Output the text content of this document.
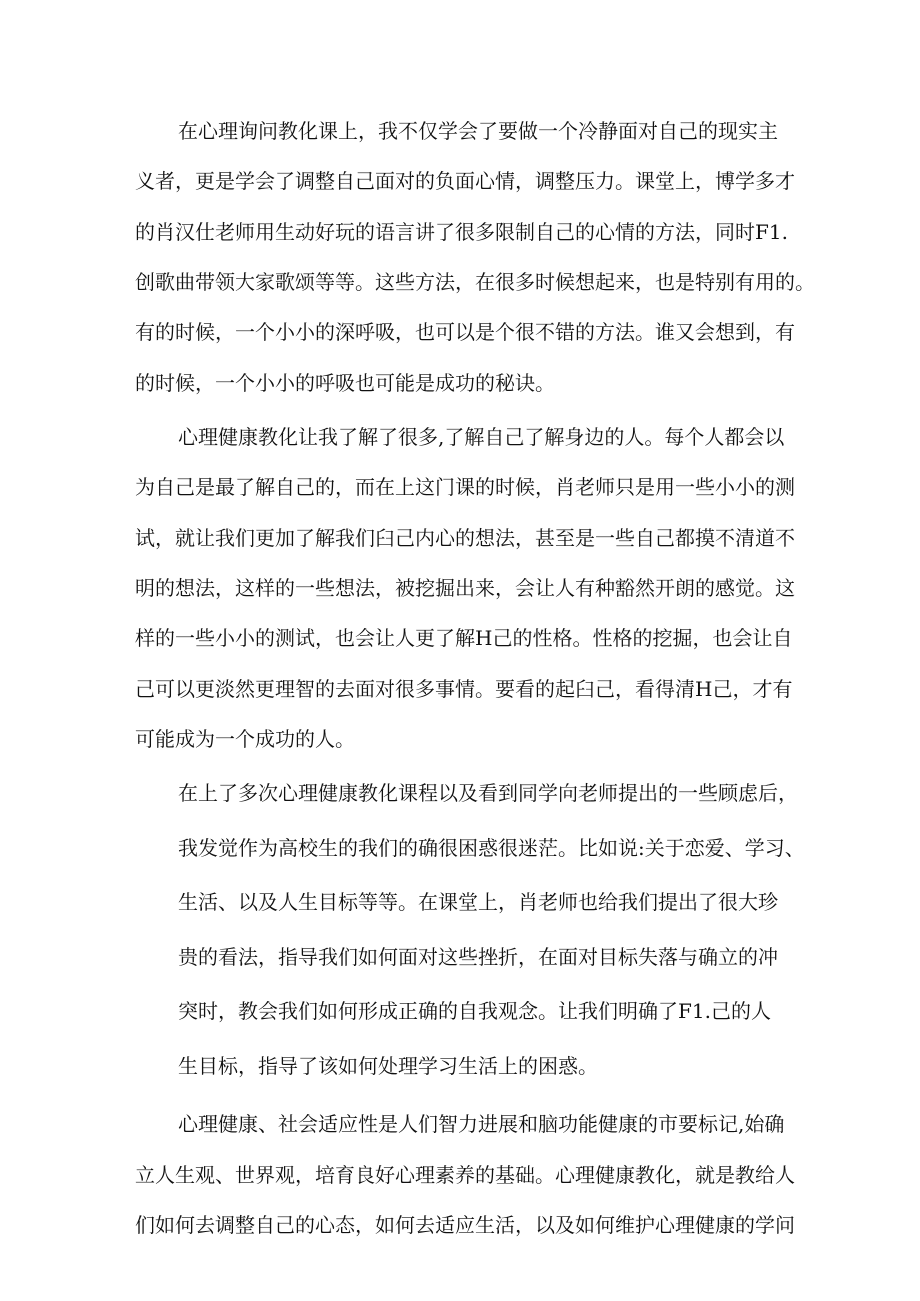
在心理询问教化课上，我不仅学会了要做一个冷静面对自己的现实主
义者，更是学会了调整自己面对的负面心情，调整压力。课堂上，博学多才
的肖汉仕老师用生动好玩的语言讲了很多限制自己的心情的方法，同时F1.
创歌曲带领大家歌颂等等。这些方法，在很多时候想起来，也是特别有用的。
有的时候，一个小小的深呼吸，也可以是个很不错的方法。谁又会想到，有
的时候，一个小小的呼吸也可能是成功的秘诀。
心理健康教化让我了解了很多,了解自己了解身边的人。每个人都会以
为自己是最了解自己的，而在上这门课的时候，肖老师只是用一些小小的测
试，就让我们更加了解我们臼己内心的想法，甚至是一些自己都摸不清道不
明的想法，这样的一些想法，被挖掘出来，会让人有种豁然开朗的感觉。这
样的一些小小的测试，也会让人更了解H己的性格。性格的挖掘，也会让自
己可以更淡然更理智的去面对很多事情。要看的起臼己，看得清H己，才有
可能成为一个成功的人。
在上了多次心理健康教化课程以及看到同学向老师提出的一些顾虑后，
我发觉作为高校生的我们的确很困惑很迷茫。比如说:关于恋爱、学习、
生活、以及人生目标等等。在课堂上，肖老师也给我们提出了很大珍
贵的看法，指导我们如何面对这些挫折，在面对目标失落与确立的冲
突时，教会我们如何形成正确的自我观念。让我们明确了F1.己的人
生目标，指导了该如何处理学习生活上的困惑。
心理健康、社会适应性是人们智力进展和脑功能健康的市要标记,始确
立人生观、世界观，培育良好心理素养的基础。心理健康教化，就是教给人
们如何去调整自己的心态，如何去适应生活，以及如何维护心理健康的学问
